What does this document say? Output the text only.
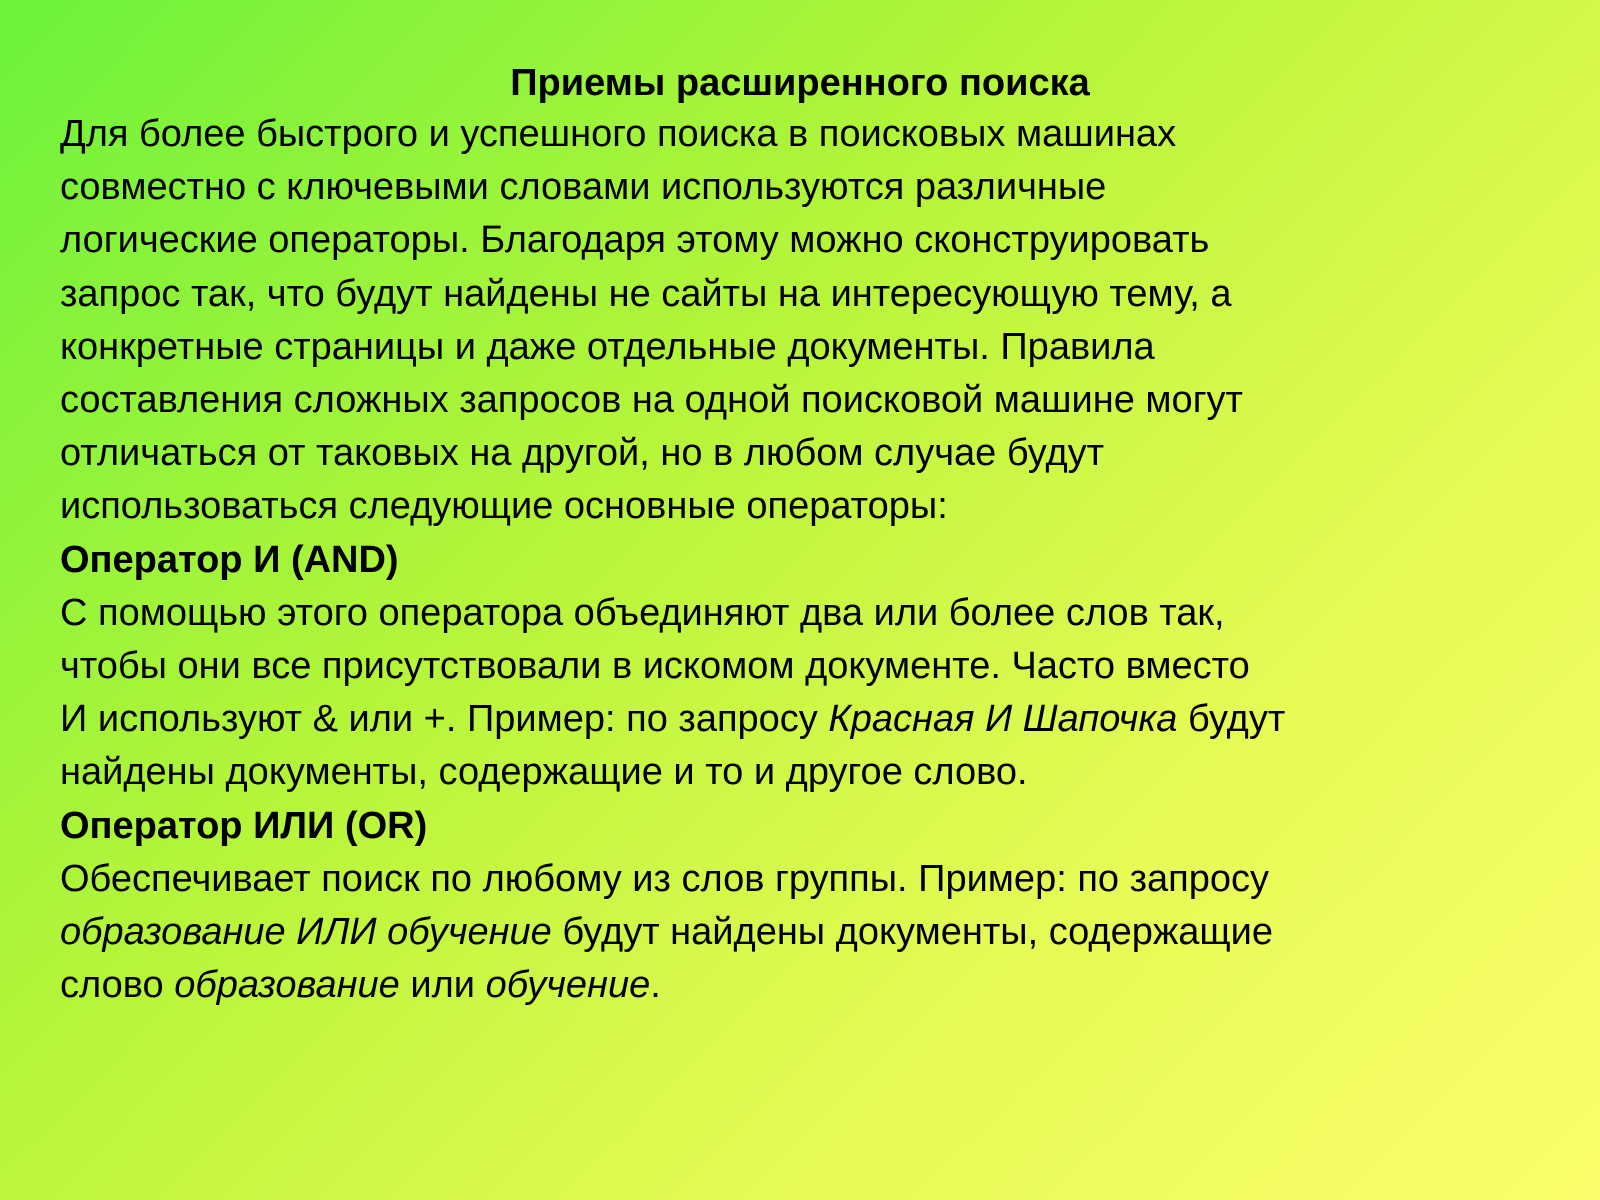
Приемы расширенного поиска

Для более быстрого и успешного поиска в поисковых машинах
совместно с ключевыми словами используются различные
логические операторы. Благодаря этому можно сконструировать
запрос так, что будут найдены не сайты на интересующую тему, а
конкретные страницы и даже отдельные документы. Правила
составления сложных запросов на одной поисковой машине могут
отличаться от таковых на другой, но в любом случае будут
использоваться следующие основные операторы:

Оператор И (AND)

С помощью этого оператора объединяют два или более слов так,
чтобы они все присутствовали в искомом документе. Часто вместо
И используют & или +. Пример: по запросу Красная И Шапочка будут
найдены документы, содержащие и то и другое слово.

Оператор ИЛИ (OR)

Обеспечивает поиск по любому из слов группы. Пример: по запросу
образование ИЛИ обучение будут найдены документы, содержащие
слово образование или обучение.
